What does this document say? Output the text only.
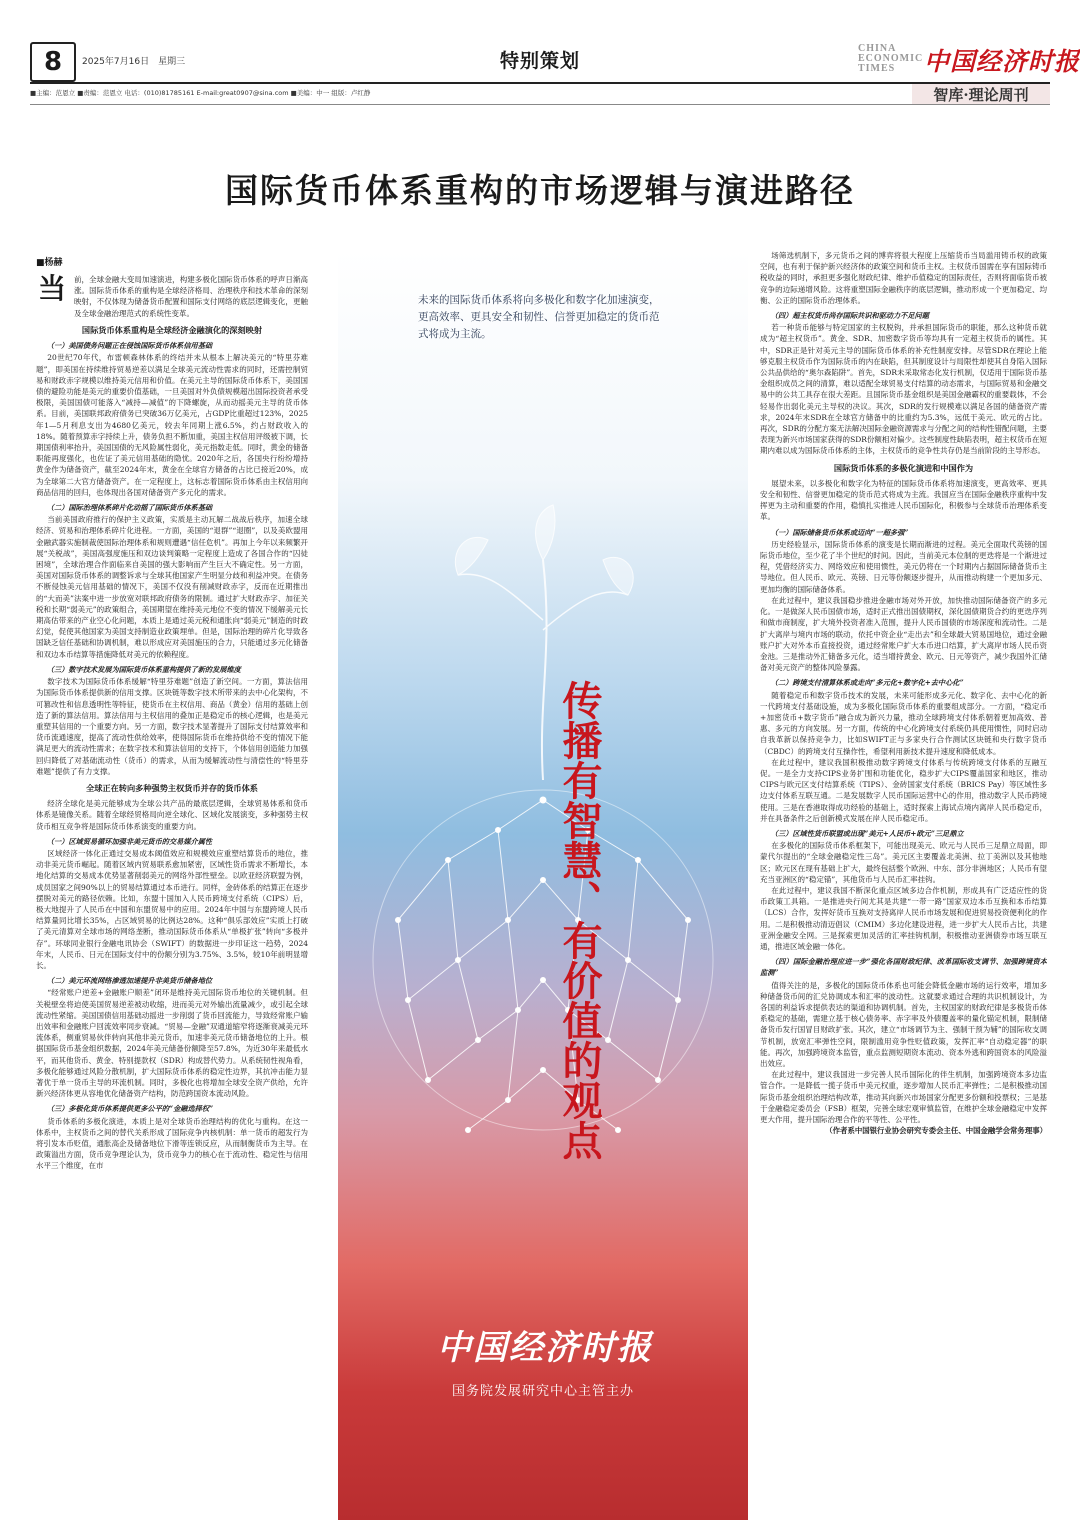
8	2025年7月16日　星期三	特别策划
CHINA
ECONOMIC
TIMES	中国经济时报
■主编：范恩立 ■责编：范恩立 电话：(010)81785161 E-mail:great0907@sina.com ■美编：中一 组版：卢红静	智库·理论周刊
国际货币体系重构的市场逻辑与演进路径
■杨赫
当 前，全球金融大变局加速演进，构建多极化国际货币体系的呼声日渐高涨。国际货币体系的重构是全球经济格局、治理秩序和技术革命的深刻映射，不仅体现为储备货币配置和国际支付网络的底层逻辑变化，更触及全球金融治理范式的系统性变革。

国际货币体系重构是全球经济金融演化的深刻映射
（一）美国债务问题正在侵蚀国际货币体系信用基础

20世纪70年代，布雷顿森林体系的终结并未从根本上解决美元的“特里芬难题”，即美国在持续维持贸易逆差以满足全球美元流动性需求的同时，还需控制贸易和财政赤字规模以维持美元信用和价值。在美元主导的国际货币体系下，美国国债的避险功能是美元的重要价值基础，一旦美国对外负债规模超出国际投资者承受极限，美国国债可能落入“减持—减值”的下降螺旋，从而动摇美元主导的货币体系。目前，美国联邦政府债务已突破36万亿美元，占GDP比重超过123%，2025年1—5月利息支出为4680亿美元，较去年同期上涨6.5%，约占财政收入的18%。随着预算赤字持续上升，债务负担不断加重，美国主权信用评级被下调，长期国债利率抬升，美国国债的无风险属性弱化，美元指数走低。同时，黄金的储备职能再度强化，也佐证了美元信用基础的隐忧。2020年之后，各国央行纷纷增持黄金作为储备资产，截至2024年末，黄金在全球官方储备的占比已接近20%，成为全球第二大官方储备资产。在一定程度上，这标志着国际货币体系由主权信用向商品信用的回归，也体现出各国对储备资产多元化的需求。

（二）国际治理体系碎片化动摇了国际货币体系基础

当前美国政府推行的保护主义政策，实质是主动瓦解二战战后秩序，加速全球经济、贸易和治理体系碎片化进程。一方面，美国的“退群”“退圈”，以及美欧盟用金融武器实施制裁使国际治理体系和规则遭遇“信任危机”。再加上今年以来频繁开展“关税战”，美国高强度施压和双边谈判策略一定程度上造成了各国合作的“囚徒困境”，全球治理合作面临来自美国的强大影响而产生巨大不确定性。另一方面，美国对国际货币体系的调整诉求与全球其他国家产生明显分歧和利益冲突。在债务不断侵蚀美元信用基础的情况下，美国不仅没有削减财政赤字，反而在近期推出的“大而美”法案中进一步放宽对联邦政府债务的限制。通过扩大财政赤字、加征关税和长期“弱美元”的政策组合，美国期望在维持美元地位不变的情况下缓解美元长期高估带来的产业空心化问题，本质上是通过美元税和通胀向“弱美元”制造的时政幻觉，促使其他国家为美国支持制造业政策埋单。但是，国际治理的碎片化导致各国缺乏信任基础和协调机制，难以形成应对美国施压的合力，只能通过多元化储备和双边本币结算等措施降低对美元的依赖程度。

（三）数字技术发展为国际货币体系重构提供了新的发展维度

数字技术为国际货币体系缓解“特里芬难题”创造了新空间。一方面，算法信用为国际货币体系提供新的信用支撑。区块链等数字技术所带来的去中心化架构，不可篡改性和信息透明性等特征，使货币在主权信用、商品（黄金）信用的基础上创造了新的算法信用。算法信用与主权信用的叠加正是稳定币的核心逻辑，也是美元重塑其信用的一个重要方向。另一方面，数字技术显著提升了国际支付结算效率和货币流通速度，提高了流动性供给效率，使得国际货币在维持供给不变的情况下能满足更大的流动性需求；在数字技术和算法信用的支持下，个体信用创造能力加强回归降低了对基础流动性（货币）的需求，从而为缓解流动性与清偿性的“特里芬难题”提供了有力支撑。

全球正在转向多种强势主权货币并存的货币体系

经济全球化是美元能够成为全球公共产品的最底层逻辑，全球贸易体系和货币体系是镜像关系。随着全球经贸格局向逆全球化、区域化发展演变，多种强势主权货币相互竞争将是国际货币体系演变的重要方向。

（一）区域贸易循环加强非美元货币的交易媒介属性

区域经济一体化正通过交易成本阈值效应和规模效应重塑结算货币的地位，推动非美元货币崛起。随着区域内贸易联系愈加紧密，区域性货币需求不断增长，本地化结算的交易成本优势显著削弱美元的网络外部性壁垒。以欧亚经济联盟为例，成员国家之间90%以上的贸易结算通过本币进行。同样，金砖体系的结算正在逐步摆脱对美元的路径依赖。比如，东盟十国加入人民币跨境支付系统（CIPS）后，极大地提升了人民币在中国和东盟贸易中的应用。2024年中国与东盟跨境人民币结算量同比增长35%，占区域贸易的比例达28%。这种“俱乐部效应”实质上打破了美元清算对全球市场的网络垄断，推动国际货币体系从“单极扩张”转向“多极并存”。环球同业银行金融电讯协会（SWIFT）的数据进一步印证这一趋势，2024年末，人民币、日元在国际支付中的份额分别为3.75%、3.5%，较10年前明显增长。

（二）美元环流网络渗透加速提升非美货币储备地位

“经常账户逆差+金融账户顺差”闭环是维持美元国际货币地位的关键机制。但关税壁垒将迫使美国贸易逆差被动收缩，进而美元对外输出流量减少，或引起全球流动性紧缩。美国国债信用基础动摇进一步削弱了货币回流能力，导致经常账户输出效率和金融账户回流效率同步衰减。“贸易—金融”双通道缩窄将逐渐衰减美元环流体系，侧重贸易伙伴转向其他非美元货币，加速非美元货币储备地位的上升。根据国际货币基金组织数据，2024年美元储备份额降至57.8%，为近30年来最低水平，而其他货币、黄金、特别提款权（SDR）构成替代势力。从系统韧性视角看，多极化能够通过风险分散机制，扩大国际货币体系的稳定性边界，其抗冲击能力显著优于单一货币主导的环流机制。同时，多极化也将增加全球安全资产供给，允许新兴经济体更从容地优化储备资产结构，防范跨国资本流动风险。

（三）多极化货币体系提供更多公平的“金融选择权”

货币体系的多极化演进，本质上是对全球货币治理结构的优化与重构。在这一体系中，主权货币之间的替代关系形成了国际竞争内核机制：单一货币的超发行为将引发本币贬值，通胀高企及储备地位下滑等连锁反应，从而制衡货币为主导。在政策溢出方面，货币竞争理论认为，货币竞争力的核心在于流动性、稳定性与信用水平三个维度，在市

未来的国际货币体系将向多极化和数字化加速演变，更高效率、更具安全和韧性、信誉更加稳定的货币范式将成为主流。
传播有智慧、有价值的观点
中国经济时报
国务院发展研究中心主管主办

场筛选机制下，多元货币之间的博弈将很大程度上压缩货币当局滥用铸币权的政策空间，也有利于保护新兴经济体的政策空间和货币主权。主权货币国需在享有国际铸币税收益的同时，承担更多强化财政纪律、维护币值稳定的国际责任，否则将面临货币被竞争的边际递增风险。这将重塑国际金融秩序的底层逻辑，推动形成一个更加稳定、均衡、公正的国际货币治理体系。

（四）超主权货币尚存国际共识和驱动力不足问题

若一种货币能够与特定国家的主权脱钩，并承担国际货币的职能，那么这种货币就成为“超主权货币”。黄金、SDR、加密数字货币等均具有一定超主权货币的属性。其中，SDR正是针对美元主导的国际货币体系的补充性制度安排。尽管SDR在理论上能够克服主权货币作为国际货币的内在缺陷，但其制度设计与局限性却使其自身陷入国际公共品供给的“奥尔森陷阱”。首先，SDR未采取常态化发行机制，仅适用于国际货币基金组织成员之间的清算，难以适配全球贸易支付结算的动态需求，与国际贸易和金融交易中的公共工具存在很大差距。且国际货币基金组织是美国金融霸权的重要载体，不会轻易作出弱化美元主导权的决议。其次，SDR的发行规模难以满足各国的储备资产需求，2024年末SDR在全球官方储备中的比重约为5.3%，远低于美元、欧元的占比。再次，SDR的分配方案无法解决国际金融资源需求与分配之间的结构性错配问题，主要表现为新兴市场国家获得的SDR份额相对偏少。这些制度性缺陷表明，超主权货币在短期内难以成为国际货币体系的主体，主权货币的竞争性共存仍是当前阶段的主导形态。

国际货币体系的多极化演进和中国作为

展望未来，以多极化和数字化为特征的国际货币体系将加速演变，更高效率、更具安全和韧性、信誉更加稳定的货币范式将成为主流。我国应当在国际金融秩序重构中发挥更为主动和重要的作用，稳慎扎实推进人民币国际化，积极参与全球货币治理体系变革。

（一）国际储备货币体系或迈向“一超多强”

历史经验显示，国际货币体系的演变是长期而渐进的过程。美元全面取代英镑的国际货币地位，至少花了半个世纪的时间。因此，当前美元本位制的更迭将是一个渐进过程，凭借经济实力、网络效应和使用惯性，美元仍将在一个时期内占据国际储备货币主导地位。但人民币、欧元、英镑、日元等份额逐步提升，从而推动构建一个更加多元、更加均衡的国际储备体系。

在此过程中，建议我国稳步推进金融市场对外开放，加快推动国际储备资产的多元化。一是做深人民币国债市场，适时正式推出国债期权，深化国债期货合约的更迭序列和做市商制度，扩大境外投资者准入范围，提升人民币国债的市场深度和流动性。二是扩大离岸与境内市场的联动，依托中资企业“走出去”和全球最大贸易国地位，通过金融账户扩大对外本币直接投资，通过经常账户扩大本币进口结算，扩大离岸市场人民币资金池。三是推动外汇储备多元化，适当增持黄金、欧元、日元等资产，减少我国外汇储备对美元资产的整体风险暴露。

（二）跨境支付清算体系或走向“多元化+数字化+去中心化”

随着稳定币和数字货币技术的发展，未来可能形成多元化、数字化、去中心化的新一代跨境支付基础设施，成为多极化国际货币体系的重要组成部分。一方面，“稳定币+加密货币+数字货币”融合成为新兴力量，推动全球跨境支付体系朝着更加高效、普惠、多元的方向发展。另一方面，传统的中心化跨境支付系统仍具使用惯性，同时启动自我革新以保持竞争力，比如SWIFT正与多家央行合作测试区块链和央行数字货币（CBDC）的跨境支付互操作性，希望利用新技术提升速度和降低成本。

在此过程中，建议我国积极推动数字跨境支付体系与传统跨境支付体系的互融互促。一是全力支持CIPS业务扩围和功能优化，稳步扩大CIPS覆盖国家和地区，推动CIPS与欧元区支付结算系统（TIPS）、金砖国家支付系统（BRICS Pay）等区域性多边支付体系互联互通。二是发展数字人民币国际运营中心的作用，推动数字人民币跨境使用。三是在香港取得成功经验的基础上，适时探索上海试点境内离岸人民币稳定币，并在具备条件之后创新模式发展在岸人民币稳定币。

（三）区域性货币联盟或出现“美元+人民币+欧元”三足鼎立

在多极化的国际货币体系框架下，可能出现美元、欧元与人民币三足鼎立局面，即蒙代尔提出的“全球金融稳定性三岛”。美元区主要覆盖北美洲、拉丁美洲以及其他地区；欧元区在现有基础上扩大，最终包括整个欧洲、中东、部分非洲地区；人民币有望充当亚洲区的“稳定锚”，其他货币与人民币汇率挂钩。

在此过程中，建议我国不断深化重点区域多边合作机制，形成具有广泛适应性的货币政策工具箱。一是推进央行间尤其是共建“一带一路”国家双边本币互换和本币结算（LCS）合作，发挥好货币互换对支持离岸人民币市场发展和促进贸易投资便利化的作用。二是积极推动清迈倡议（CMIM）多边化建设进程，进一步扩大人民币占比，共建亚洲金融安全网。三是探索更加灵活的汇率挂钩机制，积极推动亚洲债券市场互联互通，推进区域金融一体化。

（四）国际金融治理应进一步“强化各国财政纪律、改革国际收支调节、加强跨境资本监测”

值得关注的是，多极化的国际货币体系也可能会降低金融市场的运行效率，增加多种储备货币间的汇兑协调成本和汇率的波动性。这就要求通过合理的共识机制设计，为各国的利益诉求提供表达的渠道和协调机制。首先，主权国家的财政纪律是多极货币体系稳定的基础，需建立基于核心债务率、赤字率及外债覆盖率的量化锚定机制，限制储备货币发行国冒目财政扩张。其次，建立“市场调节为主、强制干预为辅”的国际收支调节机制，放宽汇率弹性空间，限制滥用竞争性贬值政策，发挥汇率“自动稳定器”的职能。再次，加强跨境资本监管，重点监测短期资本流动、资本外逃和跨国资本的风险溢出效应。

在此过程中，建议我国进一步完善人民币国际化的伴生机制，加强跨境资本多边监管合作。一是降低一揽子货币中美元权重，逐步增加人民币汇率弹性；二是积极推动国际货币基金组织治理结构改革，推动其向新兴市场国家分配更多份额和投票权；三是基于金融稳定委员会（FSB）框架，完善全球宏观审慎监管，在维护全球金融稳定中发挥更大作用，提升国际治理合作的平等性、公平性。

（作者系中国银行业协会研究专委会主任、中国金融学会常务理事）
